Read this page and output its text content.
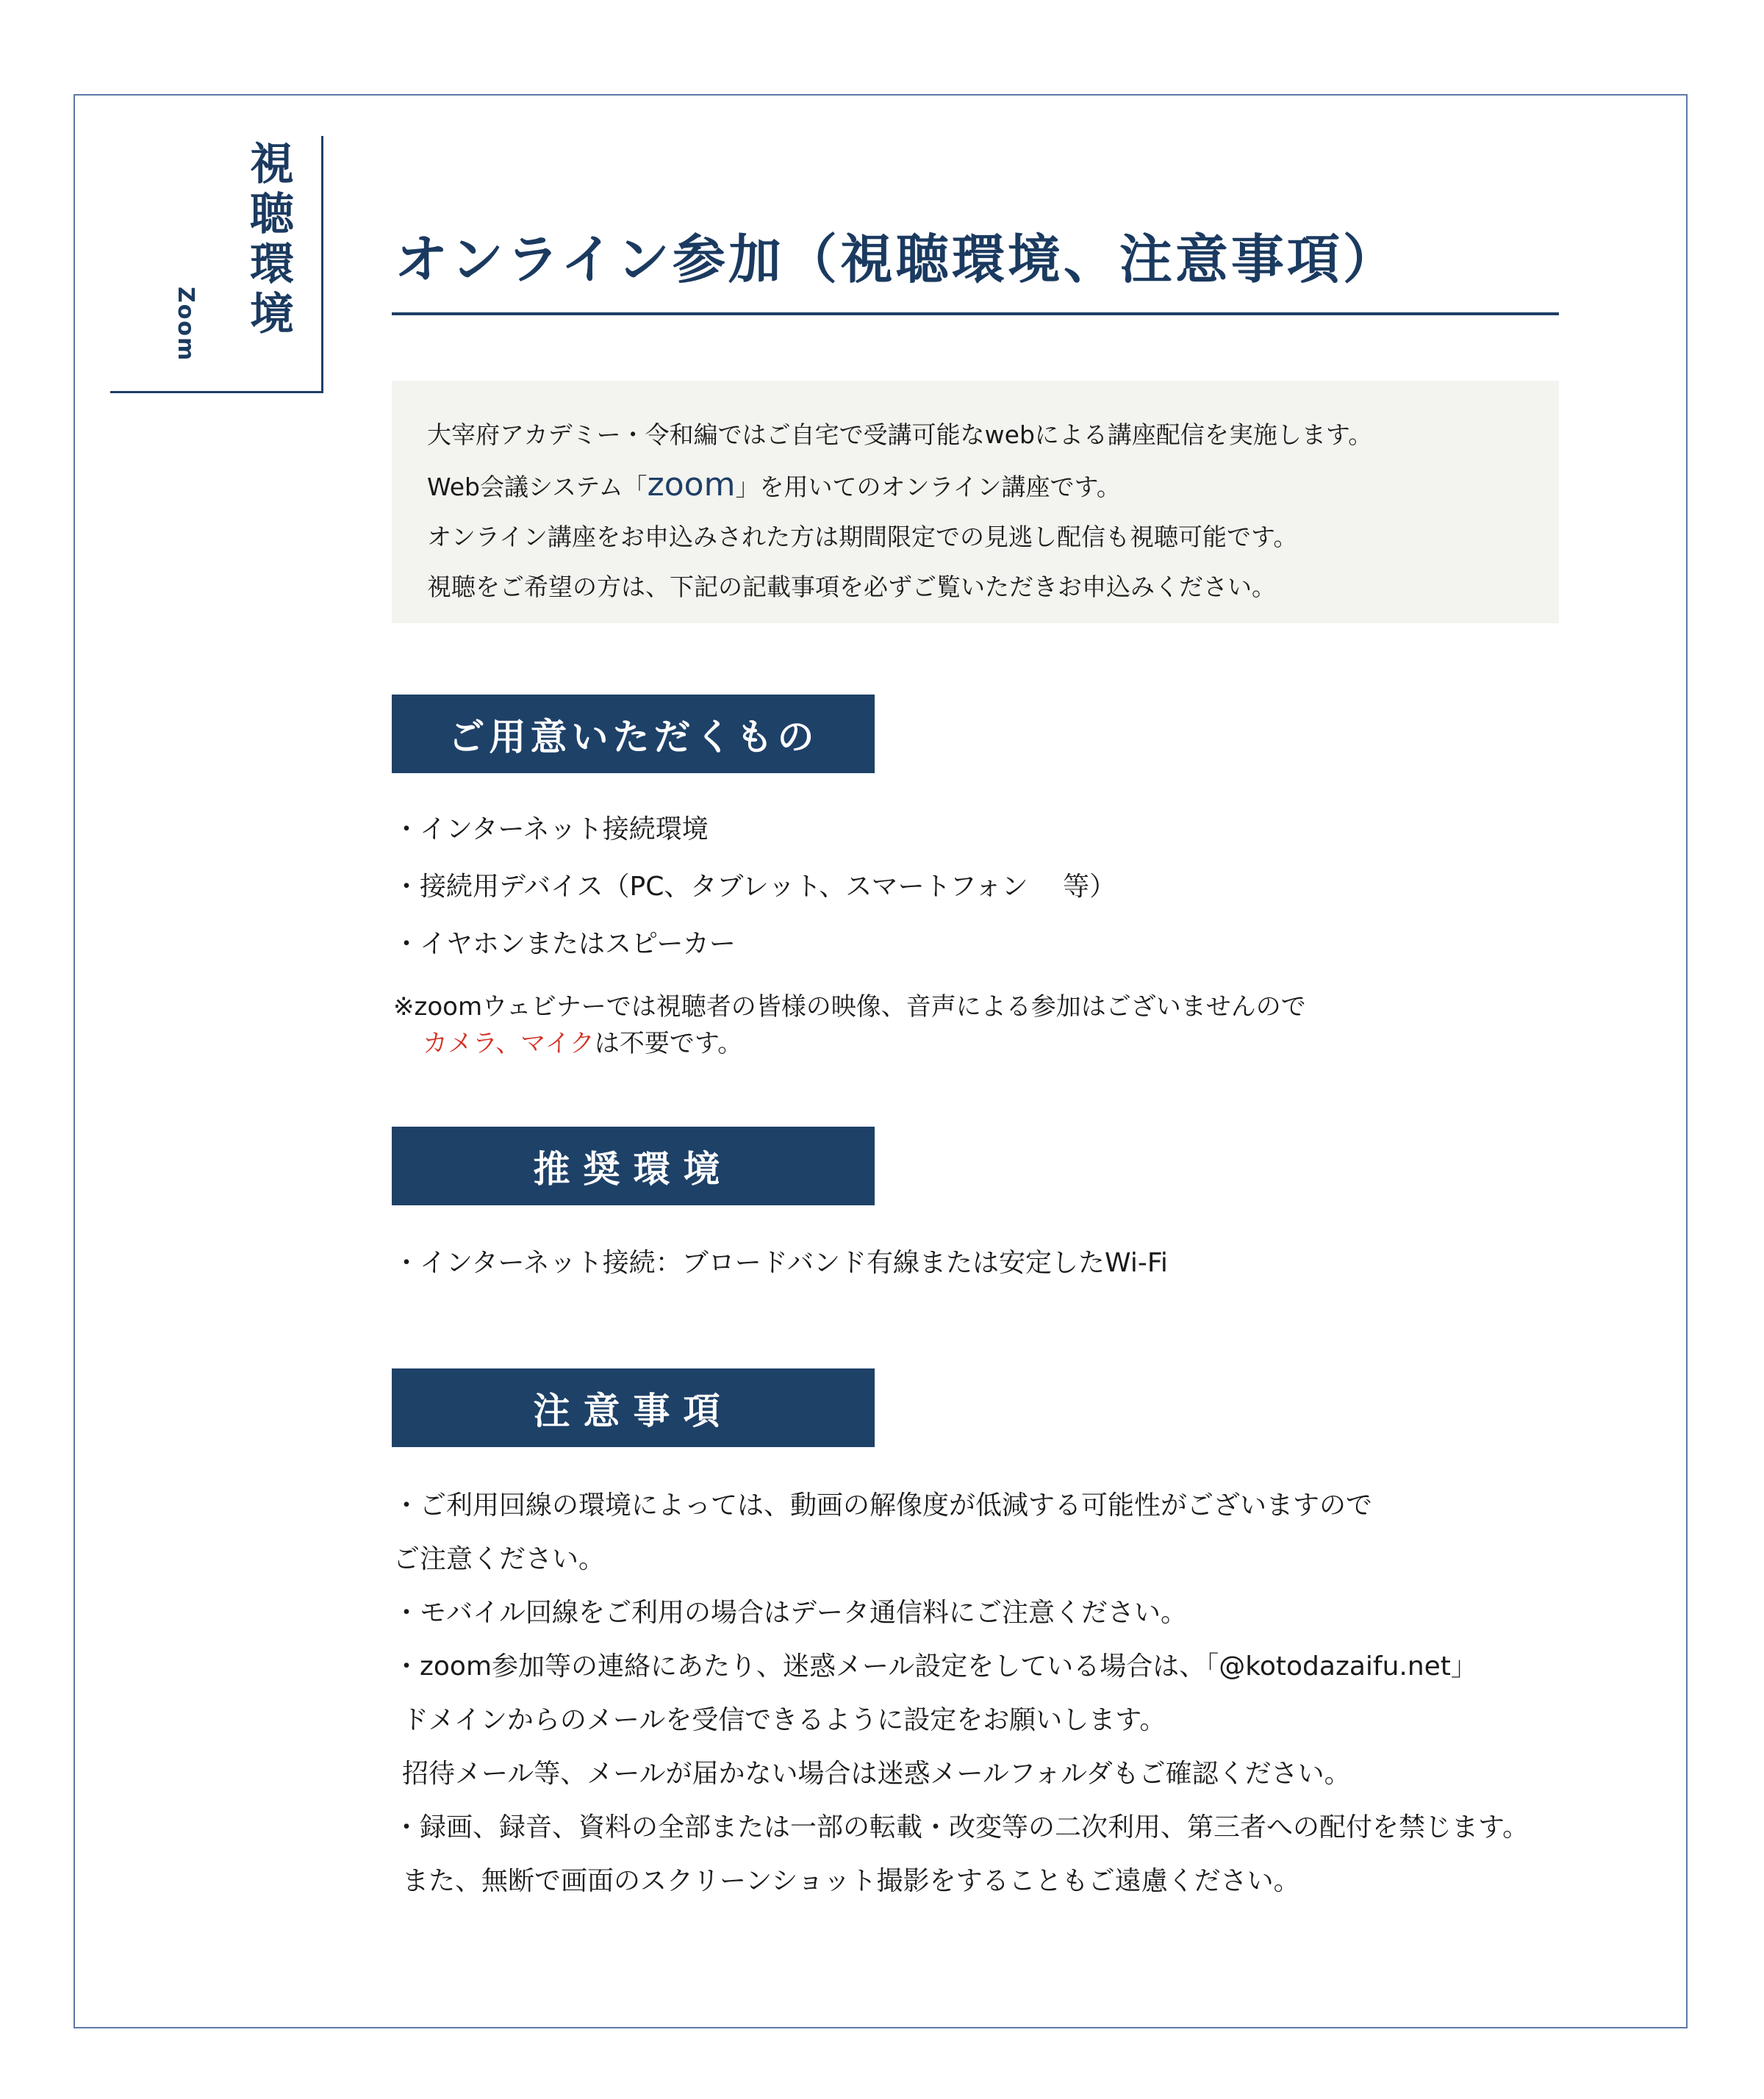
視
聴
環
境
Zoom
オンライン参加（視聴環境、注意事項）
大宰府アカデミー・令和編ではご自宅で受講可能なwebによる講座配信を実施します。
Web会議システム「zoom」を用いてのオンライン講座です。
オンライン講座をお申込みされた方は期間限定での見逃し配信も視聴可能です。
視聴をご希望の方は、下記の記載事項を必ずご覧いただきお申込みください。
ご用意いただくもの
・インターネット接続環境
・接続用デバイス（PC、タブレット、スマートフォン　 等）
・イヤホンまたはスピーカー
※zoomウェビナーでは視聴者の皆様の映像、音声による参加はございませんので
カメラ、マイクは不要です。
推奨環境
・インターネット接続：ブロードバンド有線または安定したWi-Fi
注意事項
・ご利用回線の環境によっては、動画の解像度が低減する可能性がございますので
ご注意ください。
・モバイル回線をご利用の場合はデータ通信料にご注意ください。
・zoom参加等の連絡にあたり、迷惑メール設定をしている場合は、「@kotodazaifu.net」
ドメインからのメールを受信できるように設定をお願いします。
招待メール等、メールが届かない場合は迷惑メールフォルダもご確認ください。
・録画、録音、資料の全部または一部の転載・改変等の二次利用、第三者への配付を禁じます。
また、無断で画面のスクリーンショット撮影をすることもご遠慮ください。
